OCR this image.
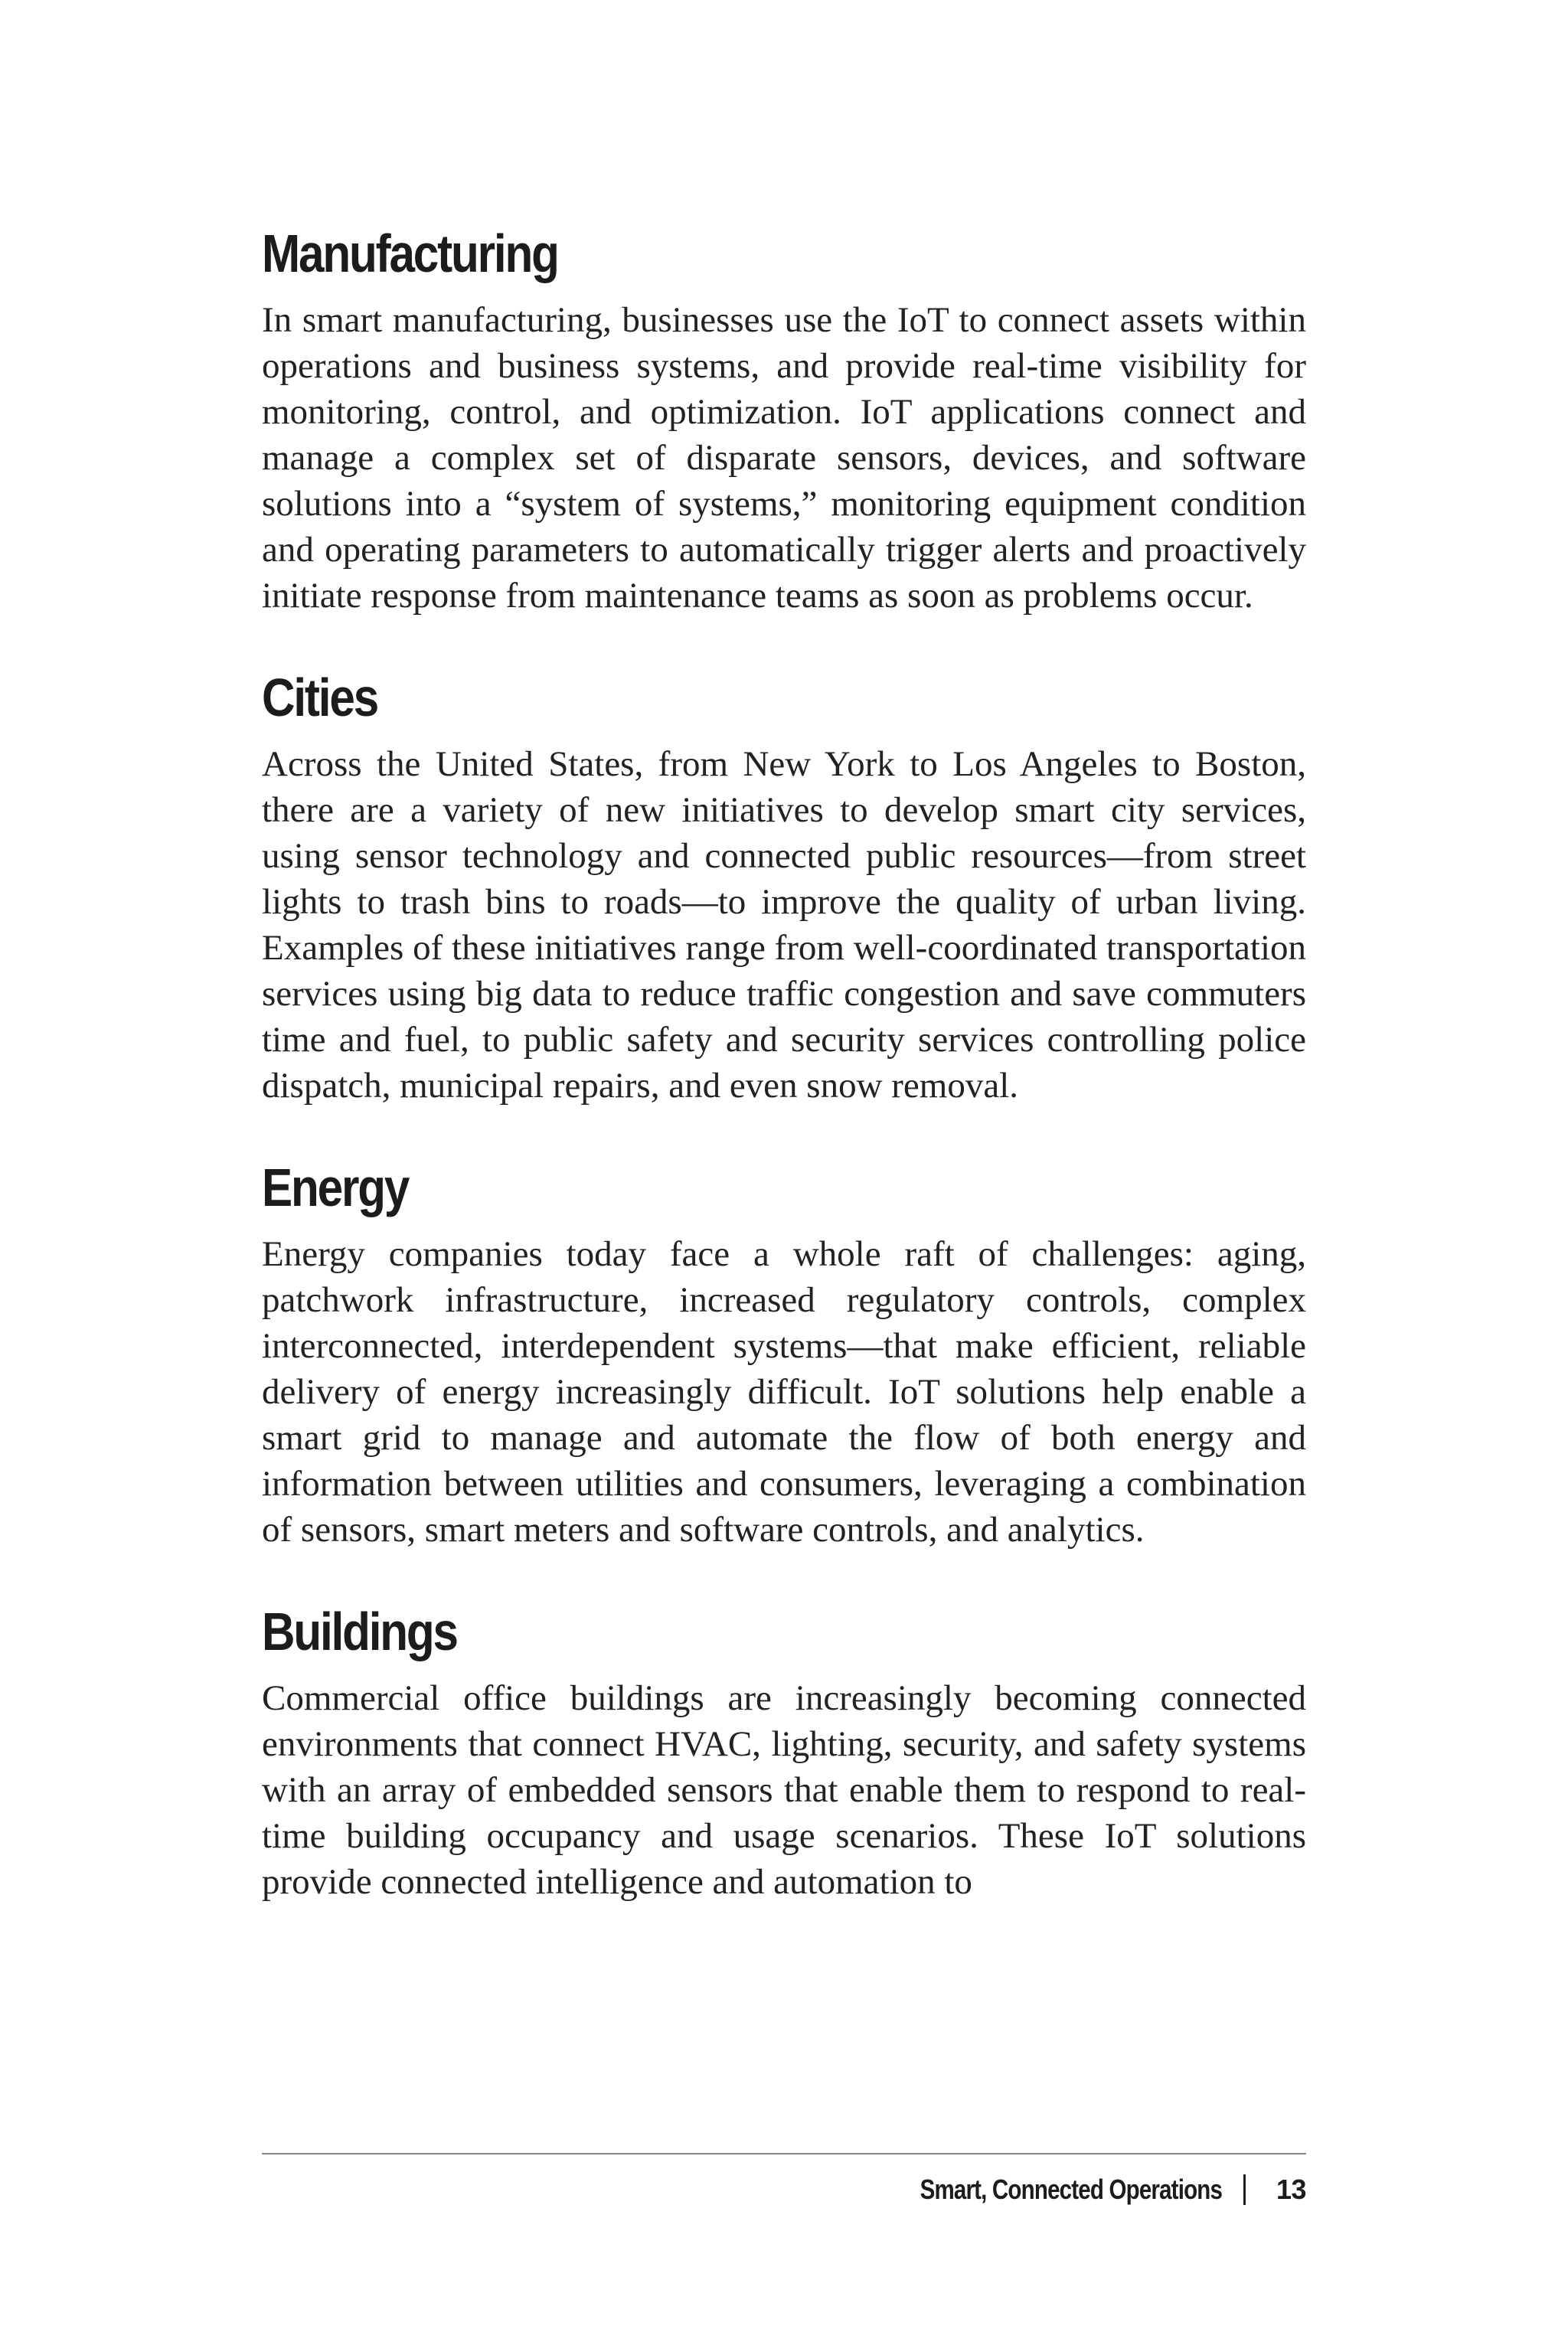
Manufacturing

In smart manufacturing, businesses use the IoT to connect assets within operations and business systems, and provide real-time visibility for monitoring, control, and optimization. IoT applications connect and manage a complex set of disparate sensors, devices, and software solutions into a “system of systems,” monitoring equipment condition and operating parameters to automatically trigger alerts and proactively initiate response from maintenance teams as soon as problems occur.

Cities

Across the United States, from New York to Los Angeles to Boston, there are a variety of new initiatives to develop smart city services, using sensor technology and connected public resources—from street lights to trash bins to roads—to improve the quality of urban living. Examples of these initiatives range from well-coordinated transportation services using big data to reduce traffic congestion and save commuters time and fuel, to public safety and security services controlling police dispatch, municipal repairs, and even snow removal.

Energy

Energy companies today face a whole raft of challenges: aging, patchwork infrastructure, increased regulatory controls, complex interconnected, interdependent systems—that make efficient, reliable delivery of energy increasingly difficult. IoT solutions help enable a smart grid to manage and automate the flow of both energy and information between utilities and consumers, leveraging a combination of sensors, smart meters and software controls, and analytics.

Buildings

Commercial office buildings are increasingly becoming connected environments that connect HVAC, lighting, security, and safety systems with an array of embedded sensors that enable them to respond to real-time building occupancy and usage scenarios. These IoT solutions provide connected intelligence and automation to

Smart, Connected Operations 13
